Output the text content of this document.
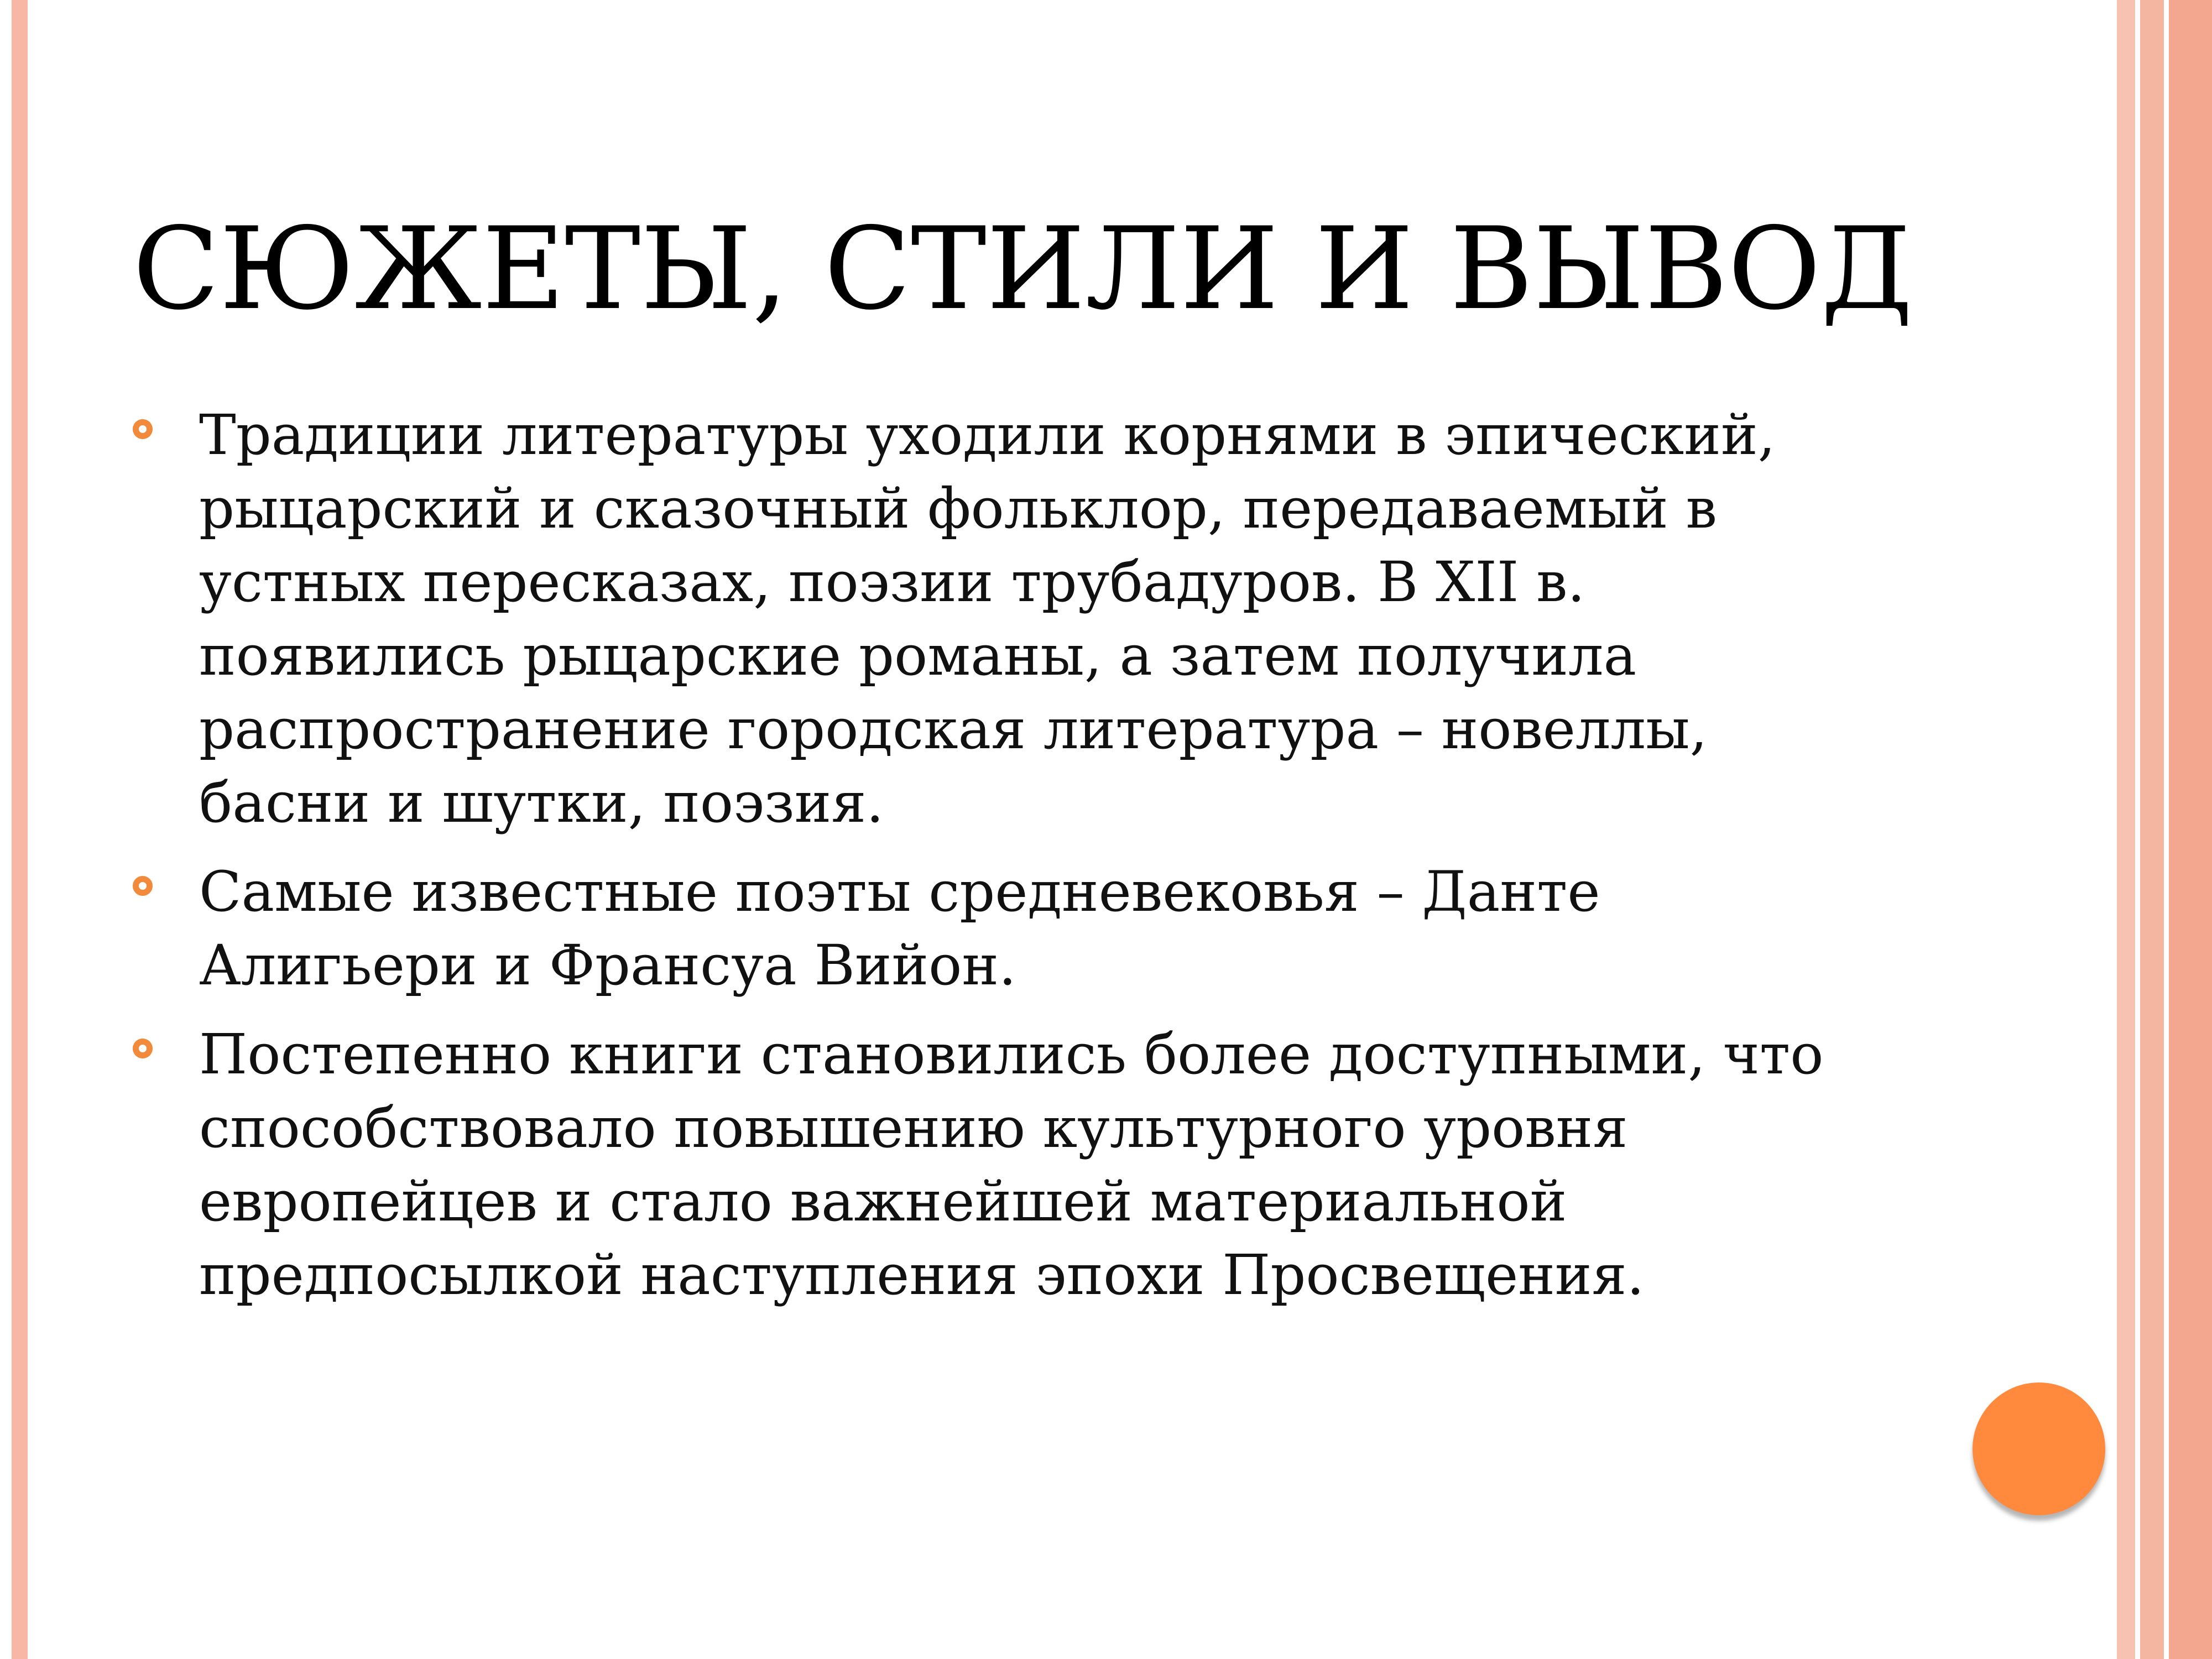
СЮЖЕТЫ, СТИЛИ И ВЫВОД
Традиции литературы уходили корнями в эпический,
рыцарский и сказочный фольклор, передаваемый в
устных пересказах, поэзии трубадуров. В XII в.
появились рыцарские романы, а затем получила
распространение городская литература – новеллы,
басни и шутки, поэзия.
Самые известные поэты средневековья – Данте
Алигьери и Франсуа Вийон.
Постепенно книги становились более доступными, что
способствовало повышению культурного уровня
европейцев и стало важнейшей материальной
предпосылкой наступления эпохи Просвещения.
